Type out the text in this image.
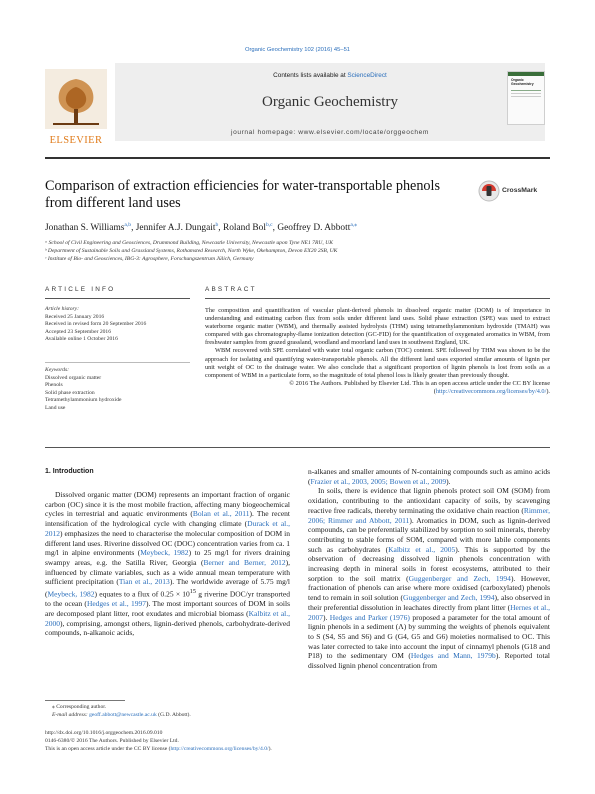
Organic Geochemistry 102 (2016) 45–51
ELSEVIER
Contents lists available at ScienceDirect
Organic Geochemistry
journal homepage: www.elsevier.com/locate/orggeochem
Organic Geochemistry
Comparison of extraction efficiencies for water-transportable phenols from different land uses
CrossMark
Jonathan S. Williams$^{a,b}$, Jennifer A.J. Dungait$^b$, Roland Bol$^{b,c}$, Geoffrey D. Abbott$^{a,⁎}$
ᵃ School of Civil Engineering and Geosciences, Drummond Building, Newcastle University, Newcastle upon Tyne NE1 7RU, UK
ᵇ Department of Sustainable Soils and Grassland Systems, Rothamsted Research, North Wyke, Okehampton, Devon EX20 2SB, UK
ᶜ Institute of Bio- and Geosciences, IBG-3: Agrosphere, Forschungszentrum Jülich, Germany
ARTICLE INFO	ABSTRACT
Article history:
Received 25 January 2016
Received in revised form 20 September 2016
Accepted 23 September 2016
Available online 1 October 2016
Keywords:
Dissolved organic matter
Phenols
Solid phase extraction
Tetramethylammonium hydroxide
Land use

The composition and quantification of vascular plant-derived phenols in dissolved organic matter (DOM) is of importance in understanding and estimating carbon flux from soils under different land uses. Solid phase extraction (SPE) was used to extract waterborne organic matter (WBM), and thermally assisted hydrolysis (THM) using tetramethylammonium hydroxide (TMAH) was compared with gas chromatography-flame ionization detection (GC-FID) for the quantification of oxygenated aromatics in WBM, from freshwater samples from grazed grassland, woodland and moorland land uses in southwest England, UK.

WBM recovered with SPE correlated with water total organic carbon (TOC) content. SPE followed by THM was shown to be the approach for isolating and quantifying water-transportable phenols. All the different land uses exported similar amounts of lignin per unit weight of OC to the drainage water. We also conclude that a significant proportion of lignin phenols is lost from soils as a component of WBM in a particulate form, so the magnitude of total phenol loss is likely greater than previously thought.

© 2016 The Authors. Published by Elsevier Ltd. This is an open access article under the CC BY license (http://creativecommons.org/licenses/by/4.0/).

1. Introduction

Dissolved organic matter (DOM) represents an important fraction of organic carbon (OC) since it is the most mobile fraction, affecting many biogeochemical cycles in terrestrial and aquatic environments (Bolan et al., 2011). The recent intensification of the hydrological cycle with changing climate (Durack et al., 2012) emphasizes the need to characterise the molecular composition of DOM in different land uses. Riverine dissolved OC (DOC) concentration varies from ca. 1 mg/l in alpine environments (Meybeck, 1982) to 25 mg/l for rivers draining swampy areas, e.g. the Satilla River, Georgia (Berner and Berner, 2012), influenced by climate variables, such as a wide annual mean temperature with sufficient precipitation (Tian et al., 2013). The worldwide average of 5.75 mg/l (Meybeck, 1982) equates to a flux of $0.25 \times 10^{15}$ g riverine DOC/yr transported to the ocean (Hedges et al., 1997). The most important sources of DOM in soils are decomposed plant litter, root exudates and microbial biomass (Kalbitz et al., 2000), comprising, amongst others, lignin-derived phenols, carbohydrate-derived compounds, n-alkanoic acids,

n-alkanes and smaller amounts of N-containing compounds such as amino acids (Frazier et al., 2003, 2005; Bowen et al., 2009).

In soils, there is evidence that lignin phenols protect soil OM (SOM) from oxidation, contributing to the antioxidant capacity of soils, by scavenging reactive free radicals, thereby terminating the oxidative chain reaction (Rimmer, 2006; Rimmer and Abbott, 2011). Aromatics in DOM, such as lignin-derived compounds, can be preferentially stabilized by sorption to soil minerals, thereby contributing to stable forms of SOM, compared with more labile components such as carbohydrates (Kalbitz et al., 2005). This is supported by the observation of decreasing dissolved lignin phenols concentration with increasing depth in mineral soils in forest ecosystems, attributed to their sorption to the soil matrix (Guggenberger and Zech, 1994). However, fractionation of phenols can arise where more oxidised (carboxylated) phenols tend to remain in soil solution (Guggenberger and Zech, 1994), also observed in their preferential dissolution in leachates directly from plant litter (Hernes et al., 2007). Hedges and Parker (1976) proposed a parameter for the total amount of lignin phenols in a sediment (Λ) by summing the weights of phenols equivalent to S (S4, S5 and S6) and G (G4, G5 and G6) moieties normalised to OC. This was later corrected to take into account the input of cinnamyl phenols (G18 and P18) to the sedimentary OM (Hedges and Mann, 1979b). Reported total dissolved lignin phenol concentration from

⁎ Corresponding author.
E-mail address: geoff.abbott@newcastle.ac.uk (G.D. Abbott).
http://dx.doi.org/10.1016/j.orggeochem.2016.09.010
0146-6380/© 2016 The Authors. Published by Elsevier Ltd.
This is an open access article under the CC BY license (http://creativecommons.org/licenses/by/4.0/).
